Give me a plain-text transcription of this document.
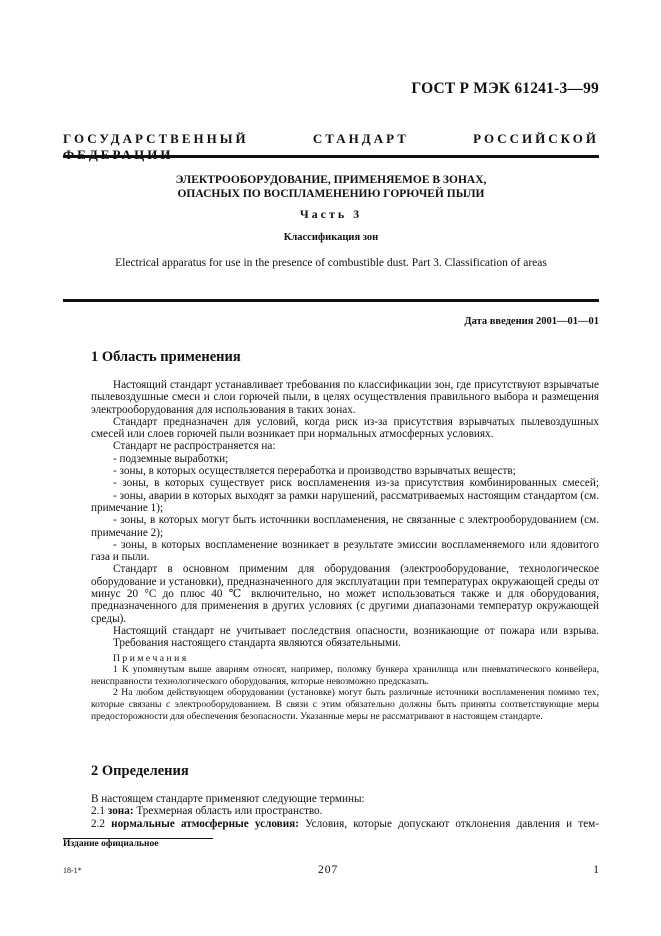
ГОСТ Р МЭК 61241-3—99
ГОСУДАРСТВЕННЫЙ СТАНДАРТ РОССИЙСКОЙ
ЭЛЕКТРООБОРУДОВАНИЕ, ПРИМЕНЯЕМОЕ В ЗОНАХ,
ОПАСНЫХ ПО ВОСПЛАМЕНЕНИЮ ГОРЮЧЕЙ ПЫЛИ
Часть 3
Классификация зон
Electrical apparatus for use in the presence of combustible dust. Part 3. Classification of areas
Дата введения 2001—01—01
1 Область применения

Настоящий стандарт устанавливает требования по классификации зон, где присутствуют взрывчатые пылевоздушные смеси и слои горючей пыли, в целях осуществления правильного выбора и размещения электрооборудования для использования в таких зонах.

Стандарт предназначен для условий, когда риск из-за присутствия взрывчатых пылевоздушных смесей или слоев горючей пыли возникает при нормальных атмосферных условиях.

Стандарт не распространяется на:

- подземные выработки;

- зоны, в которых осуществляется переработка и производство взрывчатых веществ;

- зоны, в которых существует риск воспламенения из-за присутствия комбинированных смесей;

- зоны, аварии в которых выходят за рамки нарушений, рассматриваемых настоящим стандартом (см. примечание 1);

- зоны, в которых могут быть источники воспламенения, не связанные с электрооборудованием (см. примечание 2);

- зоны, в которых воспламенение возникает в результате эмиссии воспламеняемого или ядовитого газа и пыли.

Стандарт в основном применим для оборудования (электрооборудование, технологическое оборудование и установки), предназначенного для эксплуатации при температурах окружающей среды от минус 20 °С до плюс 40 ℃ включительно, но может использоваться также и для оборудования, предназначенного для применения в других условиях (с другими диапазонами температур окружающей среды).

Настоящий стандарт не учитывает последствия опасности, возникающие от пожара или взрыва.

Требования настоящего стандарта являются обязательными.

Примечания

1 К упомянутым выше авариям относят, например, поломку бункера хранилища или пневматического конвейера, неисправности технологического оборудования, которые невозможно предсказать.

2 На любом действующем оборудовании (установке) могут быть различные источники воспламенения помимо тех, которые связаны с электрооборудованием. В связи с этим обязательно должны быть приняты соответствующие меры предосторожности для обеспечения безопасности. Указанные меры не рассматривают в настоящем стандарте.

2 Определения

В настоящем стандарте применяют следующие термины:

2.1 зона: Трехмерная область или пространство.

2.2 нормальные атмосферные условия: Условия, которые допускают отклонения давления и тем-

Издание официальное
18-1*	207	1
